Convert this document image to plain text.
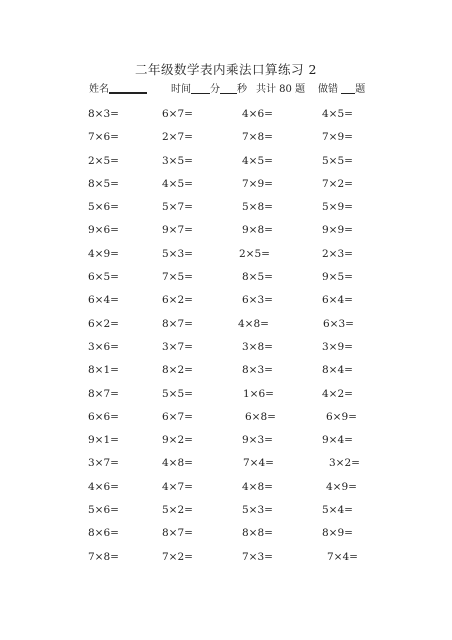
二年级数学表内乘法口算练习 2
姓名	时间 分 秒 共计 80 题 做错 题
8×3=	6×7=	4×6=	4×5=
7×6=	2×7=	7×8=	7×9=
2×5=	3×5=	4×5=	5×5=
8×5=	4×5=	7×9=	7×2=
5×6=	5×7=	5×8=	5×9=
9×6=	9×7=	9×8=	9×9=
4×9=	5×3=	2×5=	2×3=
6×5=	7×5=	8×5=	9×5=
6×4=	6×2=	6×3=	6×4=
6×2=	8×7=	4×8=	6×3=
3×6=	3×7=	3×8=	3×9=
8×1=	8×2=	8×3=	8×4=
8×7=	5×5=	1×6=	4×2=
6×6=	6×7=	6×8=	6×9=
9×1=	9×2=	9×3=	9×4=
3×7=	4×8=	7×4=	3×2=
4×6=	4×7=	4×8=	4×9=
5×6=	5×2=	5×3=	5×4=
8×6=	8×7=	8×8=	8×9=
7×8=	7×2=	7×3=	7×4=
